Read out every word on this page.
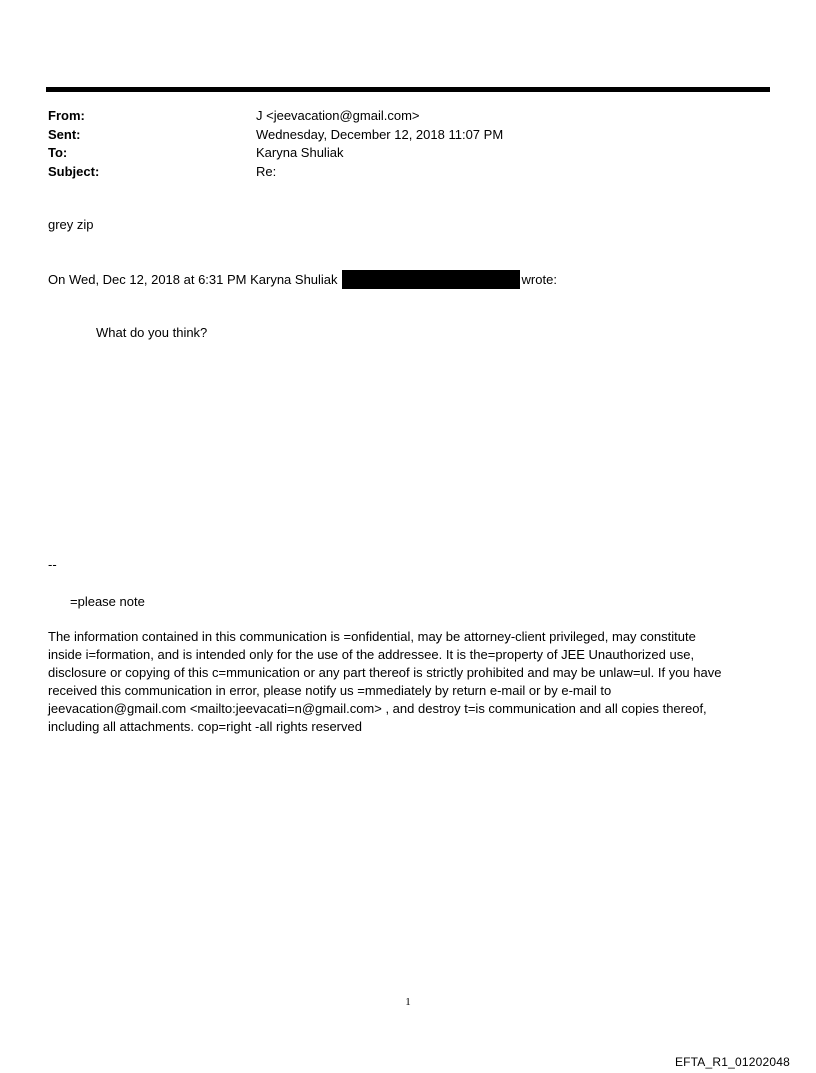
From:	J <jeevacation@gmail.com>
Sent:	Wednesday, December 12, 2018 11:07 PM
To:	Karyna Shuliak
Subject:	Re:
grey zip
On Wed, Dec 12, 2018 at 6:31 PM Karyna Shuliak	wrote:
What do you think?
--
=please note
The information contained in this communication is =onfidential, may be attorney-client privileged, may constitute
inside i=formation, and is intended only for the use of the addressee. It is the=property of JEE Unauthorized use,
disclosure or copying of this c=mmunication or any part thereof is strictly prohibited and may be unlaw=ul. If you have
received this communication in error, please notify us =mmediately by return e-mail or by e-mail to
jeevacation@gmail.com <mailto:jeevacati=n@gmail.com> , and destroy t=is communication and all copies thereof,
including all attachments. cop=right -all rights reserved
1
EFTA_R1_01202048
